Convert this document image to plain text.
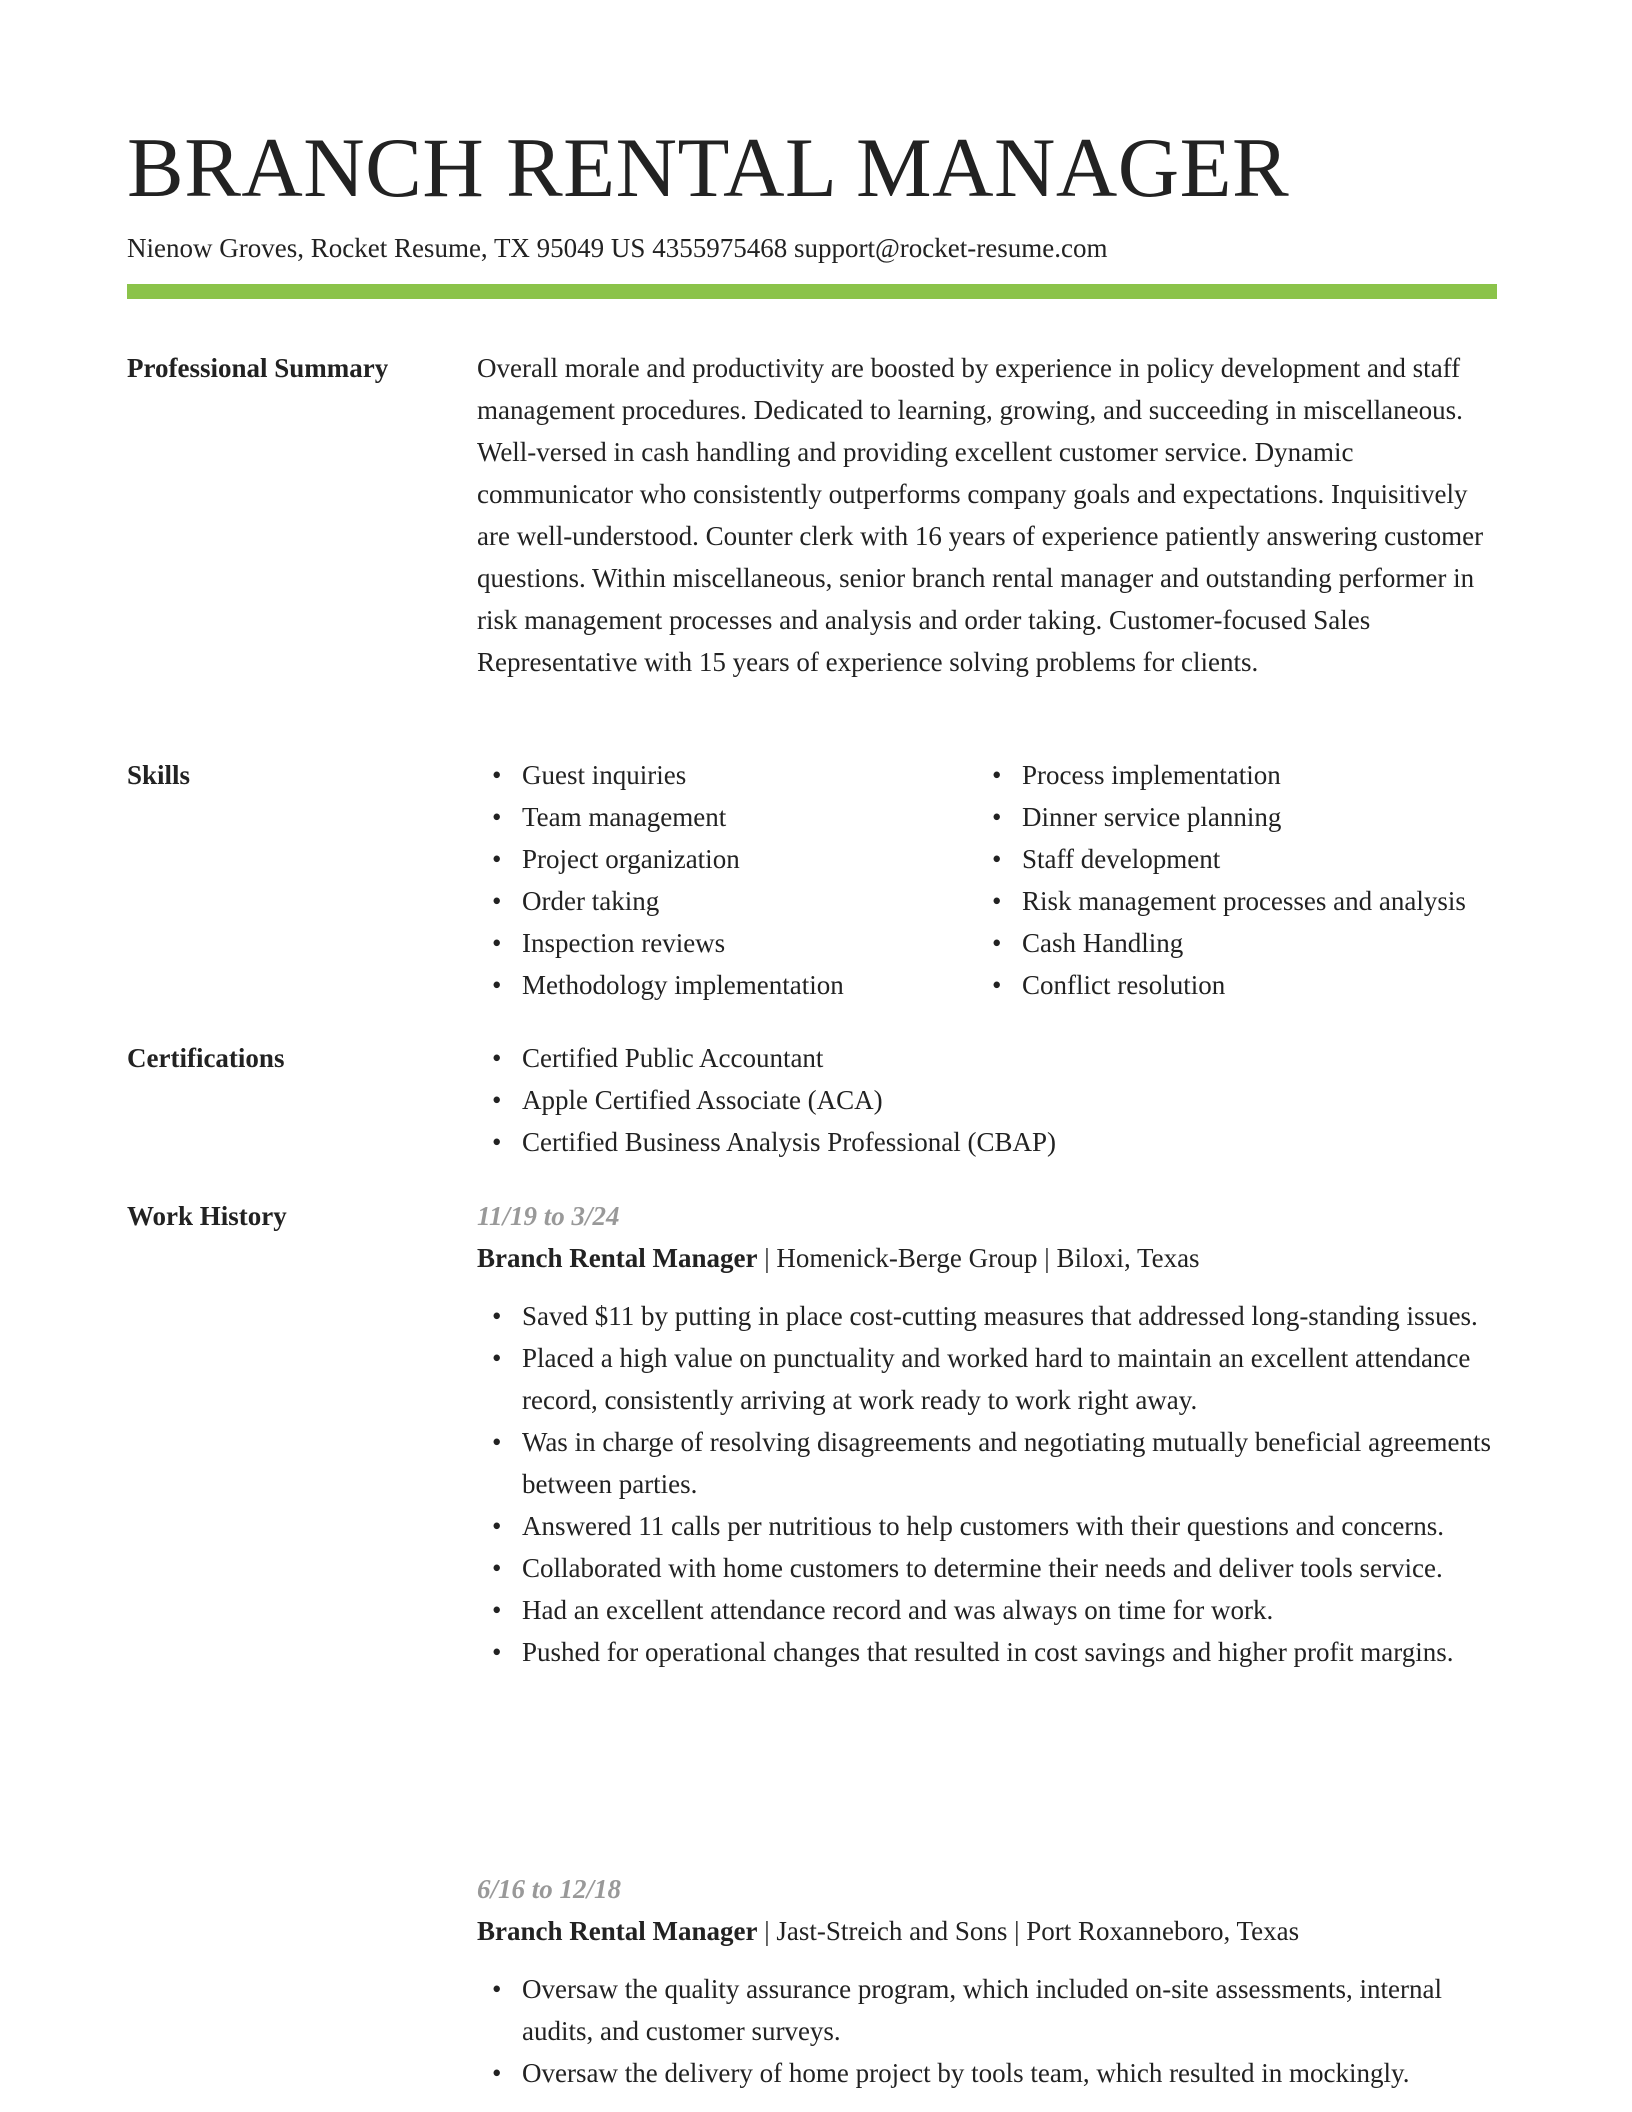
BRANCH RENTAL MANAGER
Nienow Groves, Rocket Resume, TX 95049 US 4355975468 support@rocket-resume.com
Professional Summary	Overall morale and productivity are boosted by experience in policy development and staff management procedures. Dedicated to learning, growing, and succeeding in miscellaneous. Well-versed in cash handling and providing excellent customer service. Dynamic communicator who consistently outperforms company goals and expectations. Inquisitively are well-understood. Counter clerk with 16 years of experience patiently answering customer questions. Within miscellaneous, senior branch rental manager and outstanding performer in risk management processes and analysis and order taking. Customer-focused Sales Representative with 15 years of experience solving problems for clients.

Skills	• Guest inquiries
• Team management
• Project organization
• Order taking
• Inspection reviews
• Methodology implementation
• Process implementation
• Dinner service planning
• Staff development
• Risk management processes and analysis
• Cash Handling
• Conflict resolution
Certifications	• Certified Public Accountant
• Apple Certified Associate (ACA)
• Certified Business Analysis Professional (CBAP)
Work History	11/19 to 3/24
Branch Rental Manager | Homenick-Berge Group | Biloxi, Texas
• Saved $11 by putting in place cost-cutting measures that addressed long-standing issues.
• Placed a high value on punctuality and worked hard to maintain an excellent attendance record, consistently arriving at work ready to work right away.
• Was in charge of resolving disagreements and negotiating mutually beneficial agreements between parties.
• Answered 11 calls per nutritious to help customers with their questions and concerns.
• Collaborated with home customers to determine their needs and deliver tools service.
• Had an excellent attendance record and was always on time for work.
• Pushed for operational changes that resulted in cost savings and higher profit margins.
6/16 to 12/18
Branch Rental Manager | Jast-Streich and Sons | Port Roxanneboro, Texas
• Oversaw the quality assurance program, which included on-site assessments, internal audits, and customer surveys.
• Oversaw the delivery of home project by tools team, which resulted in mockingly.
